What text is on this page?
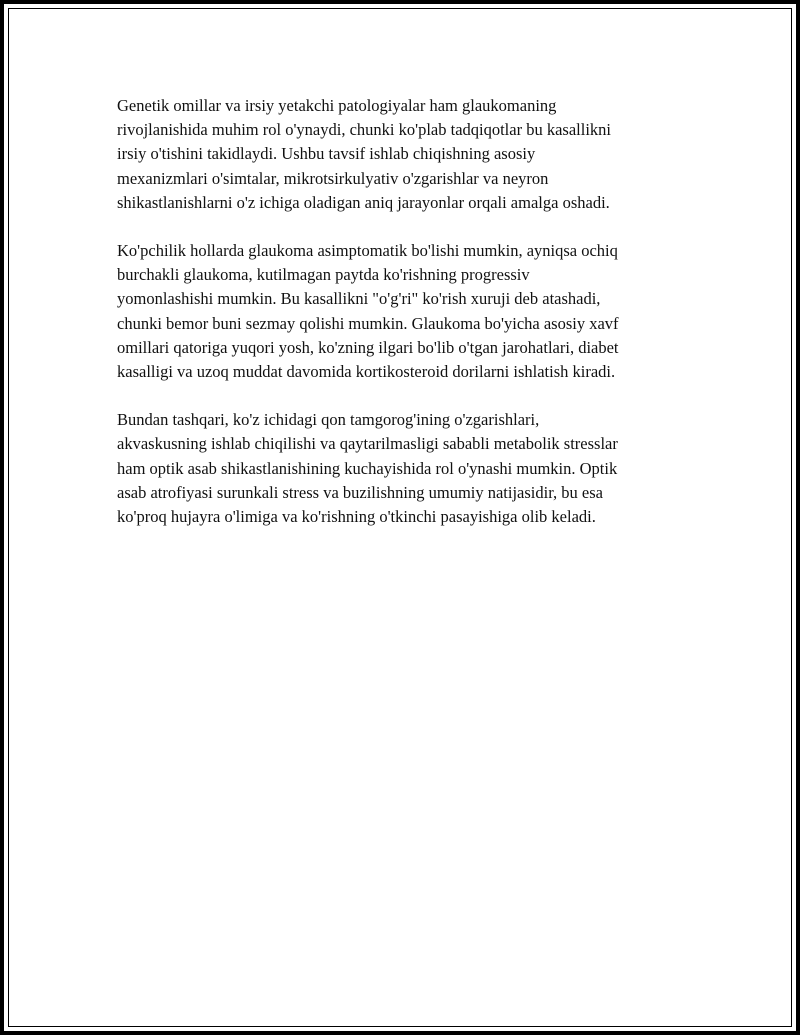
Genetik omillar va irsiy yetakchi patologiyalar ham glaukomaning
rivojlanishida muhim rol o'ynaydi, chunki ko'plab tadqiqotlar bu kasallikni
irsiy o'tishini takidlaydi. Ushbu tavsif ishlab chiqishning asosiy
mexanizmlari o'simtalar, mikrotsirkulyativ o'zgarishlar va neyron
shikastlanishlarni o'z ichiga oladigan aniq jarayonlar orqali amalga oshadi.

Ko'pchilik hollarda glaukoma asimptomatik bo'lishi mumkin, ayniqsa ochiq
burchakli glaukoma, kutilmagan paytda ko'rishning progressiv
yomonlashishi mumkin. Bu kasallikni "o'g'ri" ko'rish xuruji deb atashadi,
chunki bemor buni sezmay qolishi mumkin. Glaukoma bo'yicha asosiy xavf
omillari qatoriga yuqori yosh, ko'zning ilgari bo'lib o'tgan jarohatlari, diabet
kasalligi va uzoq muddat davomida kortikosteroid dorilarni ishlatish kiradi.

Bundan tashqari, ko'z ichidagi qon tamgorog'ining o'zgarishlari,
akvaskusning ishlab chiqilishi va qaytarilmasligi sababli metabolik stresslar
ham optik asab shikastlanishining kuchayishida rol o'ynashi mumkin. Optik
asab atrofiyasi surunkali stress va buzilishning umumiy natijasidir, bu esa
ko'proq hujayra o'limiga va ko'rishning o'tkinchi pasayishiga olib keladi.
